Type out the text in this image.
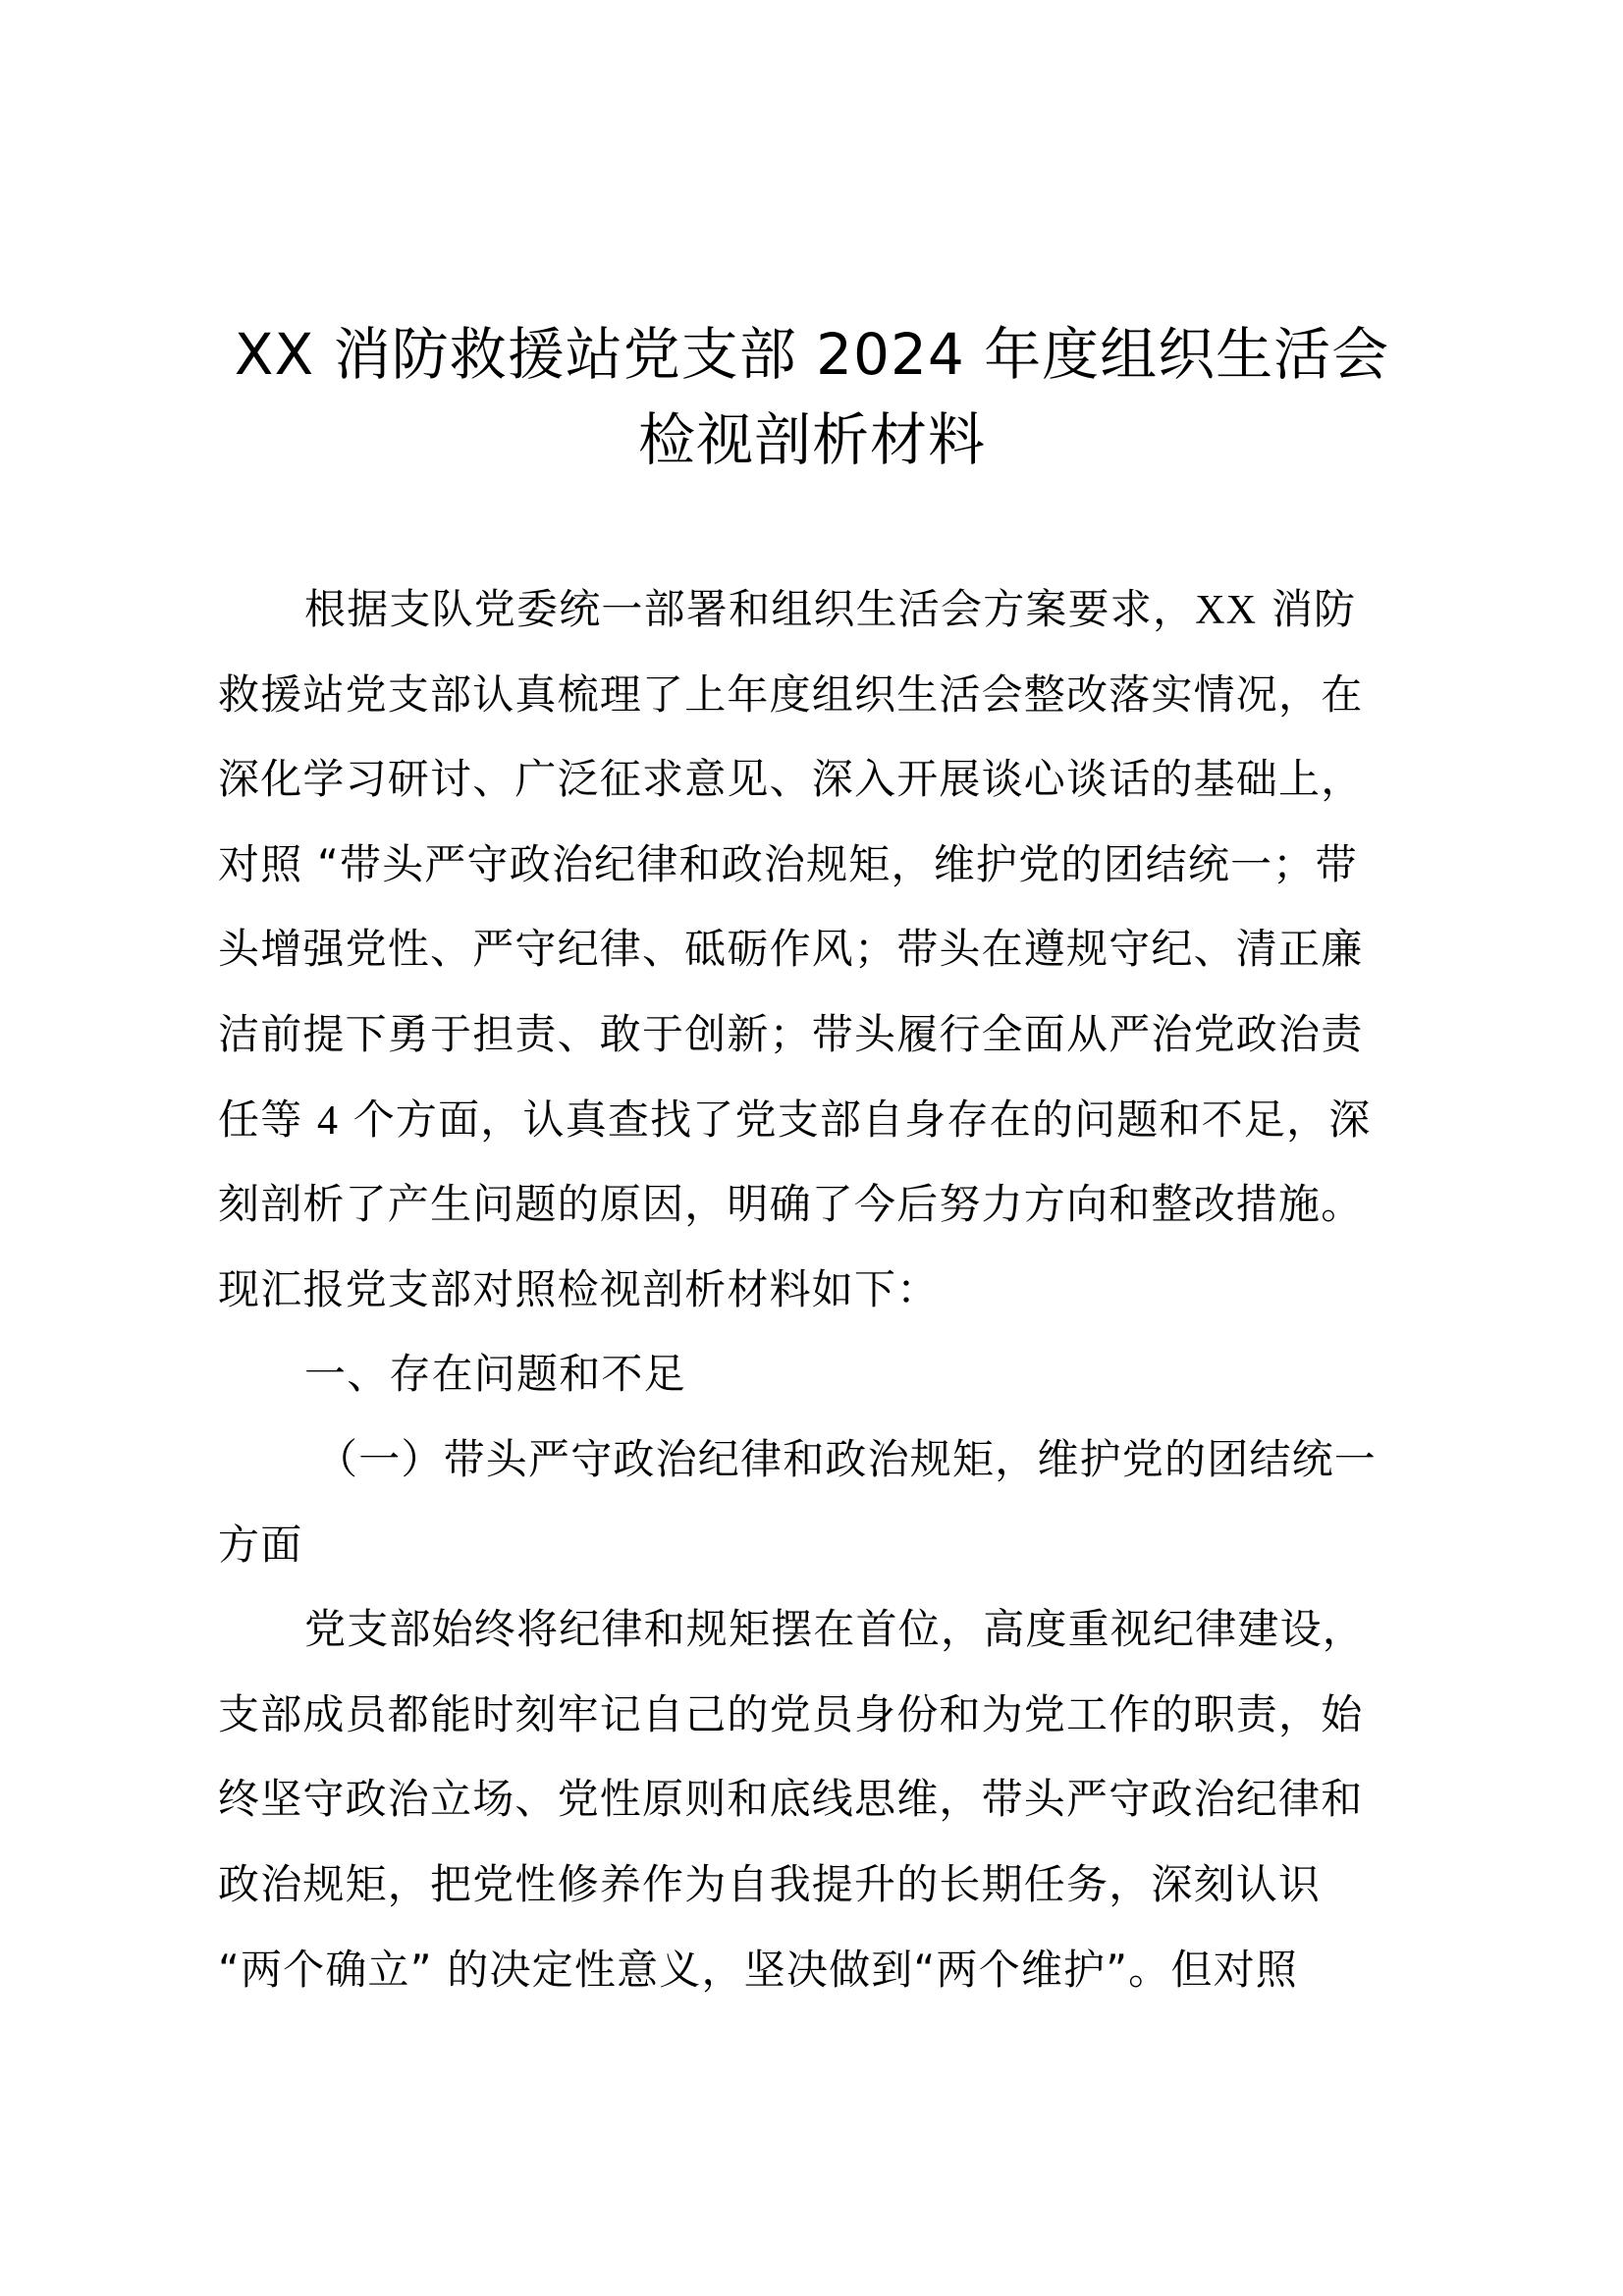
XX 消防救援站党支部 2024 年度组织生活会
检视剖析材料
根据支队党委统一部署和组织生活会方案要求，XX 消防
救援站党支部认真梳理了上年度组织生活会整改落实情况，在
深化学习研讨、广泛征求意见、深入开展谈心谈话的基础上，
对照 “带头严守政治纪律和政治规矩，维护党的团结统一；带
头增强党性、严守纪律、砥砺作风；带头在遵规守纪、清正廉
洁前提下勇于担责、敢于创新；带头履行全面从严治党政治责
任等 4 个方面，认真查找了党支部自身存在的问题和不足，深
刻剖析了产生问题的原因，明确了今后努力方向和整改措施。
现汇报党支部对照检视剖析材料如下：
一、存在问题和不足
（一）带头严守政治纪律和政治规矩，维护党的团结统一
方面
党支部始终将纪律和规矩摆在首位，高度重视纪律建设，
支部成员都能时刻牢记自己的党员身份和为党工作的职责，始
终坚守政治立场、党性原则和底线思维，带头严守政治纪律和
政治规矩，把党性修养作为自我提升的长期任务，深刻认识
“两个确立” 的决定性意义，坚决做到“两个维护”。但对照
